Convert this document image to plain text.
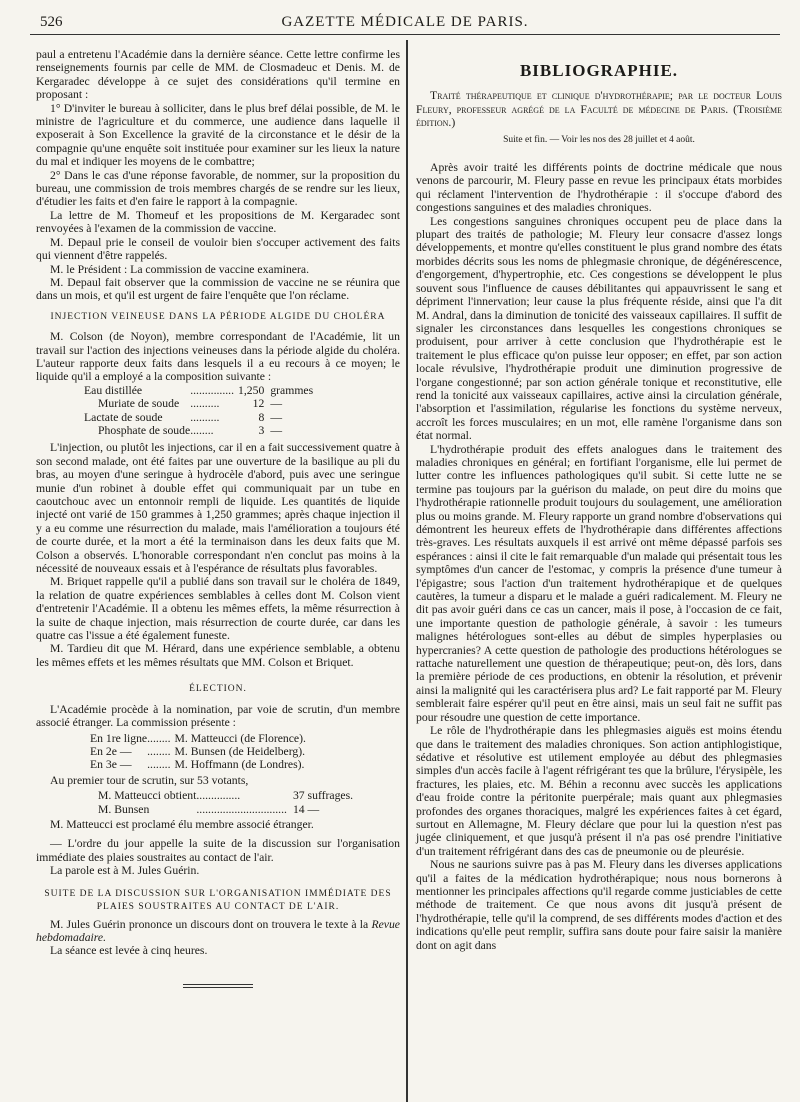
526	GAZETTE MÉDICALE DE PARIS.

paul a entretenu l'Académie dans la dernière séance. Cette lettre confirme les renseignements fournis par celle de MM. de Closmadeuc et Denis. M. de Kergaradec développe à ce sujet des considérations qu'il termine en proposant :

1° D'inviter le bureau à solliciter, dans le plus bref délai possible, de M. le ministre de l'agriculture et du commerce, une audience dans laquelle il exposerait à Son Excellence la gravité de la circonstance et le désir de la compagnie qu'une enquête soit instituée pour examiner sur les lieux la nature du mal et indiquer les moyens de le combattre;

2° Dans le cas d'une réponse favorable, de nommer, sur la proposition du bureau, une commission de trois membres chargés de se rendre sur les lieux, d'étudier les faits et d'en faire le rapport à la compagnie.

La lettre de M. Thomeuf et les propositions de M. Kergaradec sont renvoyées à l'examen de la commission de vaccine.

M. Depaul prie le conseil de vouloir bien s'occuper activement des faits qui viennent d'être rappelés.

M. le Président : La commission de vaccine examinera.

M. Depaul fait observer que la commission de vaccine ne se réunira que dans un mois, et qu'il est urgent de faire l'enquête que l'on réclame.

INJECTION VEINEUSE DANS LA PÉRIODE ALGIDE DU CHOLÉRA

M. Colson (de Noyon), membre correspondant de l'Académie, lit un travail sur l'action des injections veineuses dans la période algide du choléra. L'auteur rapporte deux faits dans lesquels il a eu recours à ce moyen; le liquide qu'il a employé a la composition suivante :

Eau distillée	...............	1,250	grammes
Muriate de soude	..........	12	—
Lactate de soude	..........	8	—
Phosphate de soude	........	3	—

L'injection, ou plutôt les injections, car il en a fait successivement quatre à son second malade, ont été faites par une ouverture de la basilique au pli du bras, au moyen d'une seringue à hydrocèle d'abord, puis avec une seringue munie d'un robinet à double effet qui communiquait par un tube en caoutchouc avec un entonnoir rempli de liquide. Les quantités de liquide injecté ont varié de 150 grammes à 1,250 grammes; après chaque injection il y a eu comme une résurrection du malade, mais l'amélioration a toujours été de courte durée, et la mort a été la terminaison dans les deux faits que M. Colson a observés. L'honorable correspondant n'en conclut pas moins à la nécessité de nouveaux essais et à l'espérance de résultats plus favorables.

M. Briquet rappelle qu'il a publié dans son travail sur le choléra de 1849, la relation de quatre expériences semblables à celles dont M. Colson vient d'entretenir l'Académie. Il a obtenu les mêmes effets, la même résurrection à la suite de chaque injection, mais résurrection de courte durée, car dans les quatre cas l'issue a été également funeste.

M. Tardieu dit que M. Hérard, dans une expérience semblable, a obtenu les mêmes effets et les mêmes résultats que MM. Colson et Briquet.

ÉLECTION.

L'Académie procède à la nomination, par voie de scrutin, d'un membre associé étranger. La commission présente :

En 1re ligne	........	M. Matteucci (de Florence).
En 2e —	........	M. Bunsen (de Heidelberg).
En 3e —	........	M. Hoffmann (de Londres).

Au premier tour de scrutin, sur 53 votants,

M. Matteucci obtient	...............	37 suffrages.
M. Bunsen	...............................	14 —

M. Matteucci est proclamé élu membre associé étranger.

— L'ordre du jour appelle la suite de la discussion sur l'organisation immédiate des plaies soustraites au contact de l'air.

La parole est à M. Jules Guérin.

SUITE DE LA DISCUSSION SUR L'ORGANISATION IMMÉDIATE DES PLAIES SOUSTRAITES AU CONTACT DE L'AIR.

M. Jules Guérin prononce un discours dont on trouvera le texte à la Revue hebdomadaire.

La séance est levée à cinq heures.

BIBLIOGRAPHIE.

Traité thérapeutique et clinique d'hydrothérapie; par le docteur Louis Fleury, professeur agrégé de la Faculté de médecine de Paris. (Troisième édition.)

Suite et fin. — Voir les nos des 28 juillet et 4 août.

Après avoir traité les différents points de doctrine médicale que nous venons de parcourir, M. Fleury passe en revue les principaux états morbides qui réclament l'intervention de l'hydrothérapie : il s'occupe d'abord des congestions sanguines et des maladies chroniques.

Les congestions sanguines chroniques occupent peu de place dans la plupart des traités de pathologie; M. Fleury leur consacre d'assez longs développements, et montre qu'elles constituent le plus grand nombre des états morbides décrits sous les noms de phlegmasie chronique, de dégénérescence, d'engorgement, d'hypertrophie, etc. Ces congestions se développent le plus souvent sous l'influence de causes débilitantes qui appauvrissent le sang et dépriment l'innervation; leur cause la plus fréquente réside, ainsi que l'a dit M. Andral, dans la diminution de tonicité des vaisseaux capillaires. Il suffit de signaler les circonstances dans lesquelles les congestions chroniques se produisent, pour arriver à cette conclusion que l'hydrothérapie est le traitement le plus efficace qu'on puisse leur opposer; en effet, par son action locale révulsive, l'hydrothérapie produit une diminution progressive de l'organe congestionné; par son action générale tonique et reconstitutive, elle rend la tonicité aux vaisseaux capillaires, active ainsi la circulation générale, l'absorption et l'assimilation, régularise les fonctions du système nerveux, accroît les forces musculaires; en un mot, elle ramène l'organisme dans son état normal.

L'hydrothérapie produit des effets analogues dans le traitement des maladies chroniques en général; en fortifiant l'organisme, elle lui permet de lutter contre les influences pathologiques qu'il subit. Si cette lutte ne se termine pas toujours par la guérison du malade, on peut dire du moins que l'hydrothérapie rationnelle produit toujours du soulagement, une amélioration plus ou moins grande. M. Fleury rapporte un grand nombre d'observations qui démontrent les heureux effets de l'hydrothérapie dans différentes affections très-graves. Les résultats auxquels il est arrivé ont même dépassé parfois ses espérances : ainsi il cite le fait remarquable d'un malade qui présentait tous les symptômes d'un cancer de l'estomac, y compris la présence d'une tumeur à l'épigastre; sous l'action d'un traitement hydrothérapique et de quelques cautères, la tumeur a disparu et le malade a guéri radicalement. M. Fleury ne dit pas avoir guéri dans ce cas un cancer, mais il pose, à l'occasion de ce fait, une importante question de pathologie générale, à savoir : les tumeurs malignes hétérologues sont-elles au début de simples hyperplasies ou hypercranies? A cette question de pathologie des productions hétérologues se rattache naturellement une question de thérapeutique; peut-on, dès lors, dans la première période de ces productions, en obtenir la résolution, et prévenir ainsi la malignité qui les caractérisera plus ard? Le fait rapporté par M. Fleury semblerait faire espérer qu'il peut en être ainsi, mais un seul fait ne suffit pas pour résoudre une question de cette importance.

Le rôle de l'hydrothérapie dans les phlegmasies aiguës est moins étendu que dans le traitement des maladies chroniques. Son action antiphlogistique, sédative et résolutive est utilement employée au début des phlegmasies simples d'un accès facile à l'agent réfrigérant tes que la brûlure, l'érysipèle, les fractures, les plaies, etc. M. Béhin a reconnu avec succès les applications d'eau froide contre la péritonite puerpérale; mais quant aux phlegmasies profondes des organes thoraciques, malgré les expériences faites à cet égard, surtout en Allemagne, M. Fleury déclare que pour lui la question n'est pas jugée cliniquement, et que jusqu'à présent il n'a pas osé prendre l'initiative d'un traitement réfrigérant dans des cas de pneumonie ou de pleurésie.

Nous ne saurions suivre pas à pas M. Fleury dans les diverses applications qu'il a faites de la médication hydrothérapique; nous nous bornerons à mentionner les principales affections qu'il regarde comme justiciables de cette méthode de traitement. Ce que nous avons dit jusqu'à présent de l'hydrothérapie, telle qu'il la comprend, de ses différents modes d'action et des indications qu'elle peut remplir, suffira sans doute pour faire saisir la manière dont on agit dans
